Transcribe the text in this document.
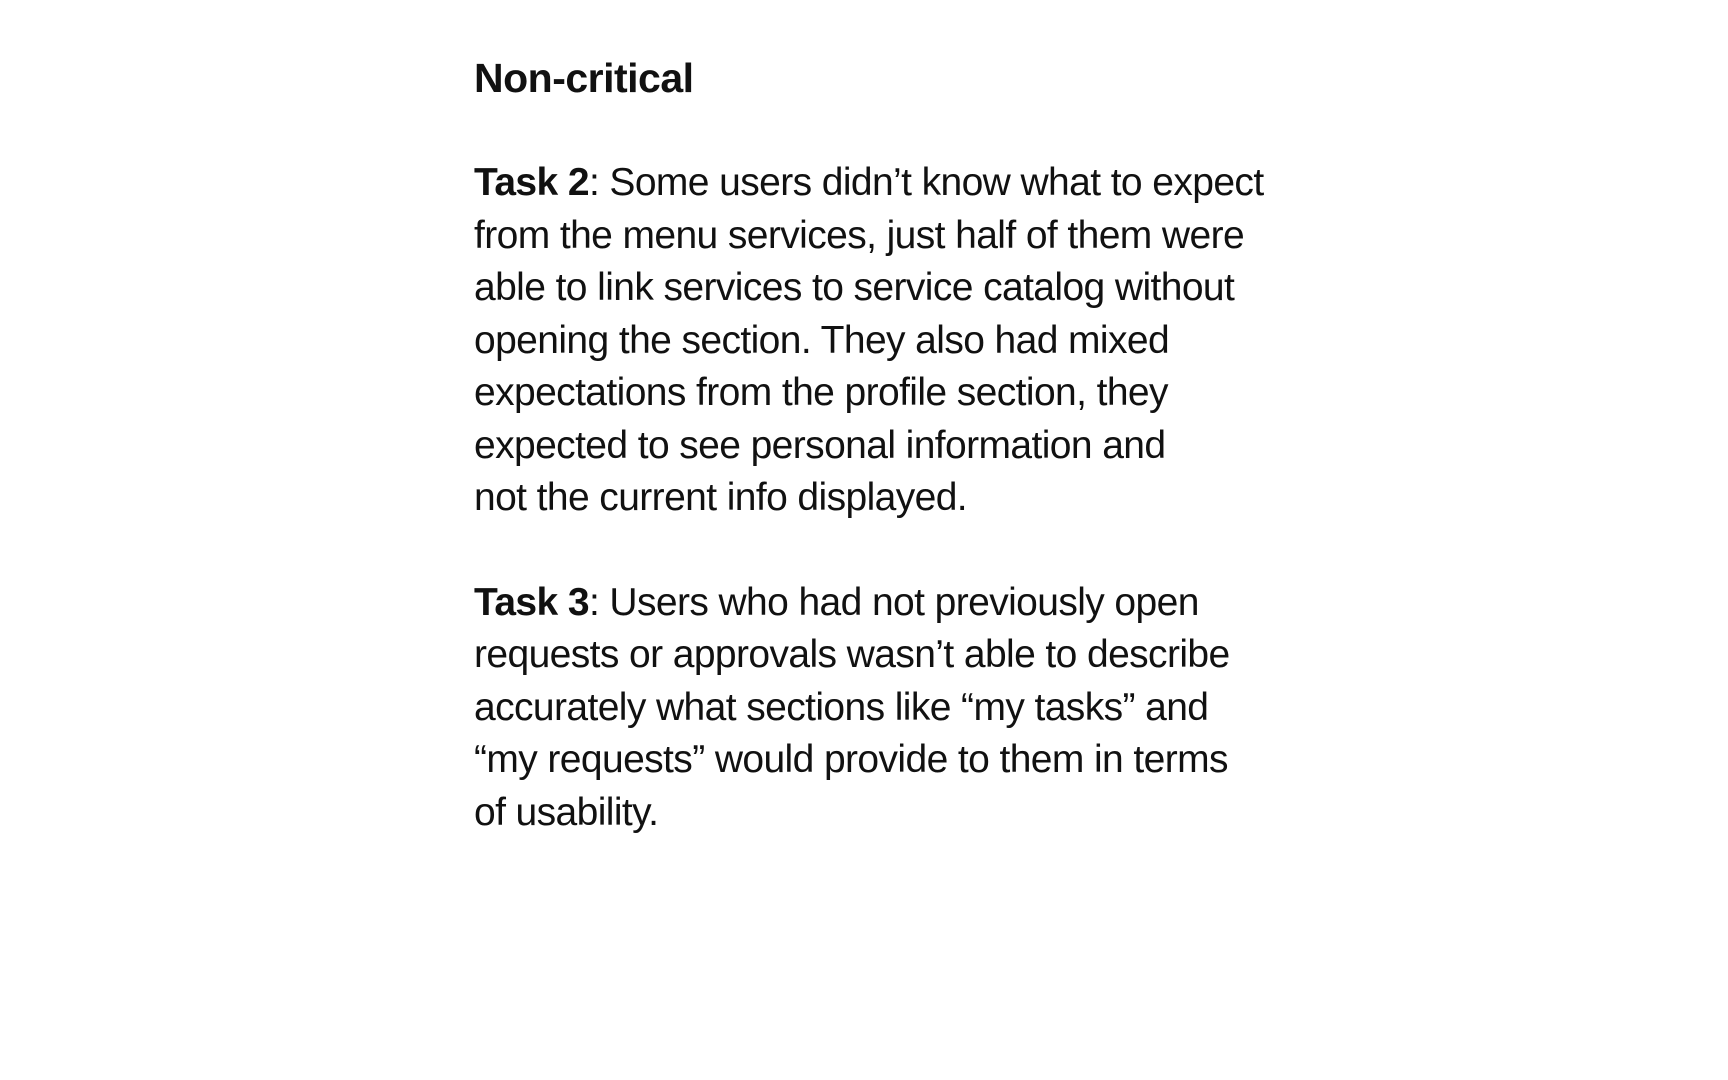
Non-critical

Task 2: Some users didn’t know what to expect
from the menu services, just half of them were
able to link services to service catalog without
opening the section. They also had mixed
expectations from the profile section, they
expected to see personal information and
not the current info displayed.

Task 3: Users who had not previously open
requests or approvals wasn’t able to describe
accurately what sections like “my tasks” and
“my requests” would provide to them in terms
of usability.
